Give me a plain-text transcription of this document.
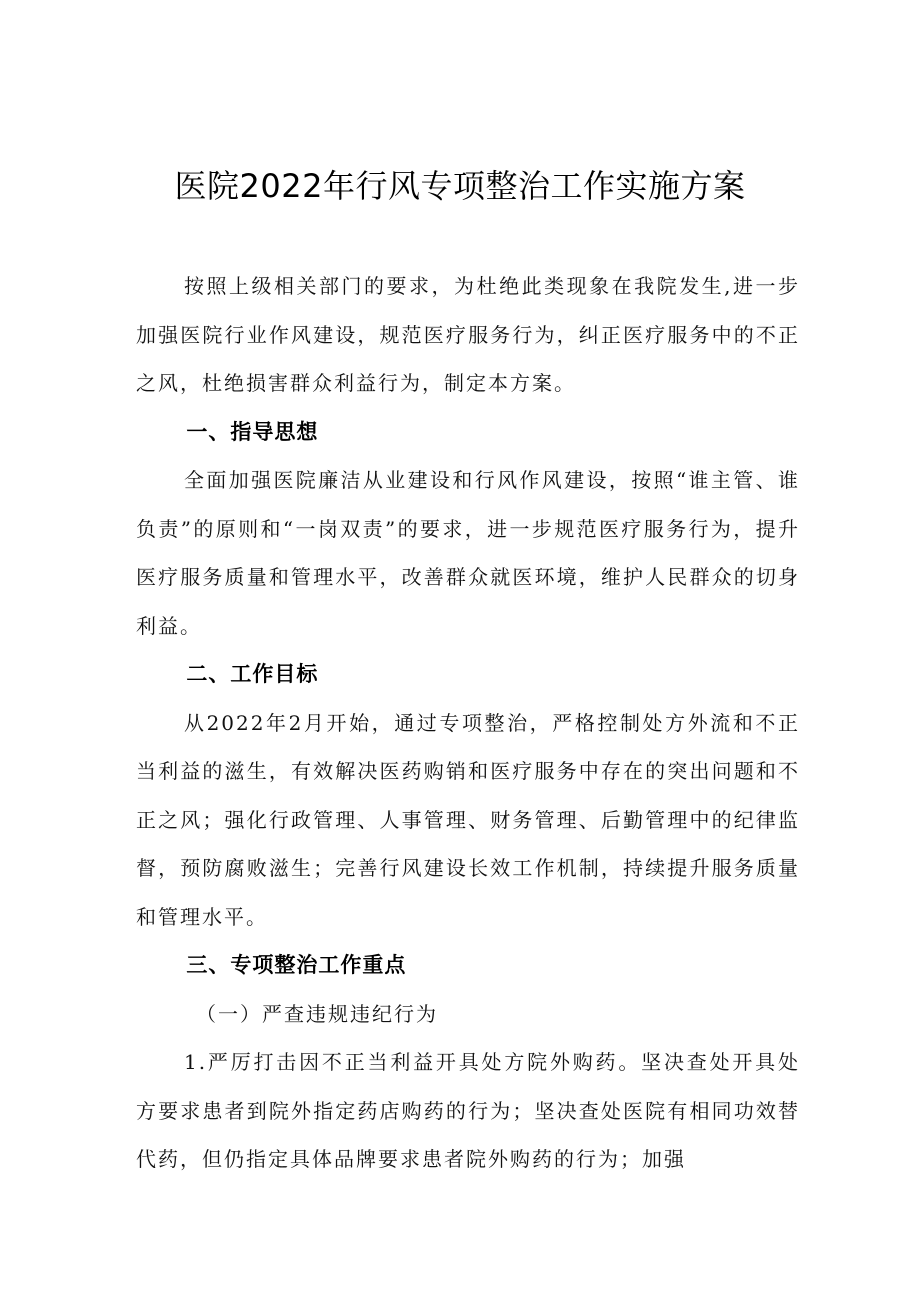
医院2022年行风专项整治工作实施方案

按照上级相关部门的要求，为杜绝此类现象在我院发生,进一步加强医院行业作风建设，规范医疗服务行为，纠正医疗服务中的不正之风，杜绝损害群众利益行为，制定本方案。

一、指导思想

全面加强医院廉洁从业建设和行风作风建设，按照“谁主管、谁负责”的原则和“一岗双责”的要求，进一步规范医疗服务行为，提升医疗服务质量和管理水平，改善群众就医环境，维护人民群众的切身利益。

二、工作目标

从2022年2月开始，通过专项整治，严格控制处方外流和不正当利益的滋生，有效解决医药购销和医疗服务中存在的突出问题和不正之风；强化行政管理、人事管理、财务管理、后勤管理中的纪律监督，预防腐败滋生；完善行风建设长效工作机制，持续提升服务质量和管理水平。

三、专项整治工作重点

（一）严查违规违纪行为

1.严厉打击因不正当利益开具处方院外购药。坚决查处开具处方要求患者到院外指定药店购药的行为；坚决查处医院有相同功效替代药，但仍指定具体品牌要求患者院外购药的行为；加强
